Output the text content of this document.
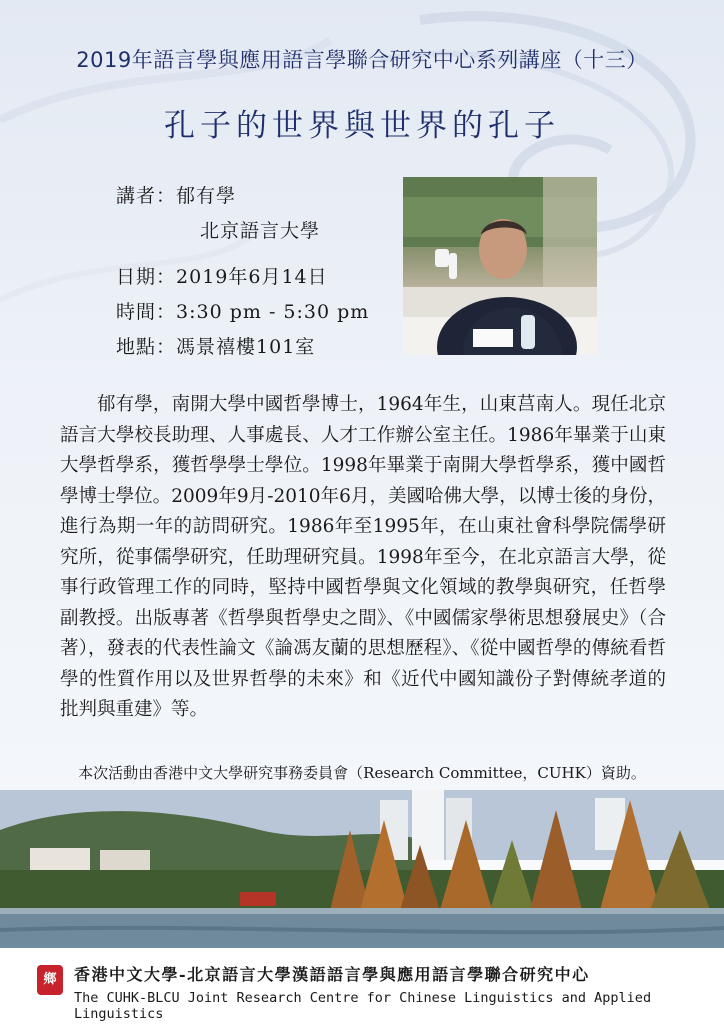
2019年語言學與應用語言學聯合研究中心系列講座（十三）
孔子的世界與世界的孔子
講者：郁有學
北京語言大學
日期：2019年6月14日
時間：3:30 pm - 5:30 pm
地點：馮景禧樓101室

郁有學，南開大學中國哲學博士，1964年生，山東莒南人。現任北京語言大學校長助理、人事處長、人才工作辦公室主任。1986年畢業于山東大學哲學系，獲哲學學士學位。1998年畢業于南開大學哲學系，獲中國哲學博士學位。2009年9月-2010年6月，美國哈佛大學，以博士後的身份，進行為期一年的訪問研究。1986年至1995年，在山東社會科學院儒學研究所，從事儒學研究，任助理研究員。1998年至今，在北京語言大學，從事行政管理工作的同時，堅持中國哲學與文化領域的教學與研究，任哲學副教授。出版專著《哲學與哲學史之間》、《中國儒家學術思想發展史》（合著），發表的代表性論文《論馮友蘭的思想歷程》、《從中國哲學的傳統看哲學的性質作用以及世界哲學的未來》和《近代中國知識份子對傳統孝道的批判與重建》等。

本次活動由香港中文大學研究事務委員會（Research Committee，CUHK）資助。
鄉	香港中文大學-北京語言大學漢語語言學與應用語言學聯合研究中心
The CUHK-BLCU Joint Research Centre for Chinese Linguistics and Applied Linguistics
